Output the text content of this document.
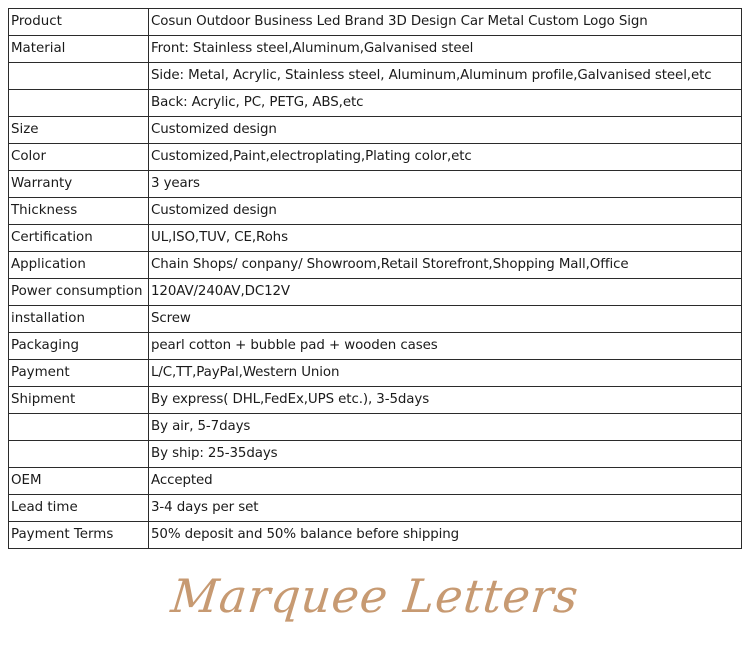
Product	Cosun Outdoor Business Led Brand 3D Design Car Metal Custom Logo Sign
Material	Front: Stainless steel,Aluminum,Galvanised steel
	Side: Metal, Acrylic, Stainless steel, Aluminum,Aluminum profile,Galvanised steel,etc
	Back: Acrylic, PC, PETG, ABS,etc
Size	Customized design
Color	Customized,Paint,electroplating,Plating color,etc
Warranty	3 years
Thickness	Customized design
Certification	UL,ISO,TUV, CE,Rohs
Application	Chain Shops/ conpany/ Showroom,Retail Storefront,Shopping Mall,Office
Power consumption	120AV/240AV,DC12V
installation	Screw
Packaging	pearl cotton + bubble pad + wooden cases
Payment	L/C,TT,PayPal,Western Union
Shipment	By express( DHL,FedEx,UPS etc.), 3-5days
	By air, 5-7days
	By ship: 25-35days
OEM	Accepted
Lead time	3-4 days per set
Payment Terms	50% deposit and 50% balance before shipping
Marquee Letters
